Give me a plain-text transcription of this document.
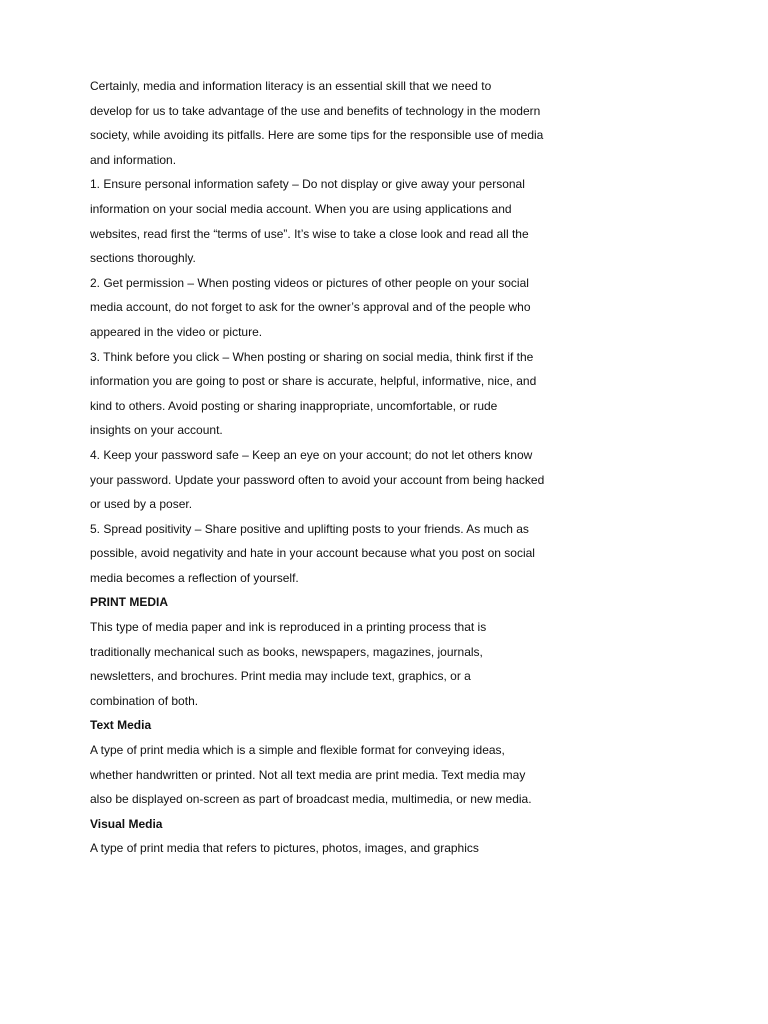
Certainly, media and information literacy is an essential skill that we need to
develop for us to take advantage of the use and benefits of technology in the modern
society, while avoiding its pitfalls. Here are some tips for the responsible use of media
and information.
1. Ensure personal information safety – Do not display or give away your personal
information on your social media account. When you are using applications and
websites, read first the “terms of use”. It’s wise to take a close look and read all the
sections thoroughly.
2. Get permission – When posting videos or pictures of other people on your social
media account, do not forget to ask for the owner’s approval and of the people who
appeared in the video or picture.
3. Think before you click – When posting or sharing on social media, think first if the
information you are going to post or share is accurate, helpful, informative, nice, and
kind to others. Avoid posting or sharing inappropriate, uncomfortable, or rude
insights on your account.
4. Keep your password safe – Keep an eye on your account; do not let others know
your password. Update your password often to avoid your account from being hacked
or used by a poser.
5. Spread positivity – Share positive and uplifting posts to your friends. As much as
possible, avoid negativity and hate in your account because what you post on social
media becomes a reflection of yourself.
PRINT MEDIA
This type of media paper and ink is reproduced in a printing process that is
traditionally mechanical such as books, newspapers, magazines, journals,
newsletters, and brochures. Print media may include text, graphics, or a
combination of both.
Text Media
A type of print media which is a simple and flexible format for conveying ideas,
whether handwritten or printed. Not all text media are print media. Text media may
also be displayed on-screen as part of broadcast media, multimedia, or new media.
Visual Media
A type of print media that refers to pictures, photos, images, and graphics
